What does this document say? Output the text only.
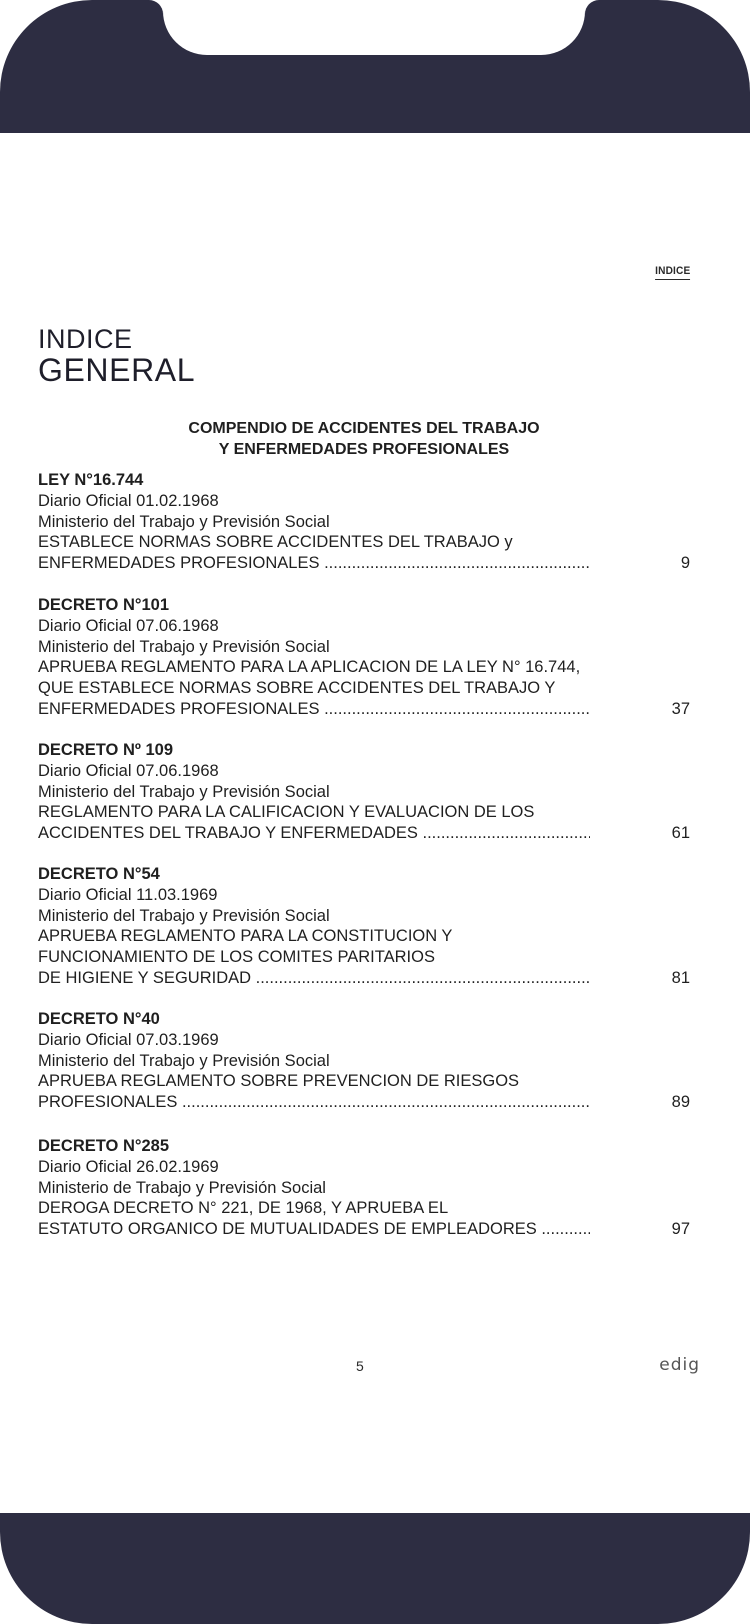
INDICE
INDICE
GENERAL
COMPENDIO DE ACCIDENTES DEL TRABAJO
Y ENFERMEDADES PROFESIONALES
LEY N°16.744
Diario Oficial 01.02.1968
Ministerio del Trabajo y Previsión Social
ESTABLECE NORMAS SOBRE ACCIDENTES DEL TRABAJO y
ENFERMEDADES PROFESIONALES .....	9
DECRETO N°101
Diario Oficial 07.06.1968
Ministerio del Trabajo y Previsión Social
APRUEBA REGLAMENTO PARA LA APLICACION DE LA LEY N° 16.744,
QUE ESTABLECE NORMAS SOBRE ACCIDENTES DEL TRABAJO Y
ENFERMEDADES PROFESIONALES .....	37
DECRETO Nº 109
Diario Oficial 07.06.1968
Ministerio del Trabajo y Previsión Social
REGLAMENTO PARA LA CALIFICACION Y EVALUACION DE LOS
ACCIDENTES DEL TRABAJO Y ENFERMEDADES .....	61
DECRETO N°54
Diario Oficial 11.03.1969
Ministerio del Trabajo y Previsión Social
APRUEBA REGLAMENTO PARA LA CONSTITUCION Y
FUNCIONAMIENTO DE LOS COMITES PARITARIOS
DE HIGIENE Y SEGURIDAD .....	81
DECRETO N°40
Diario Oficial 07.03.1969
Ministerio del Trabajo y Previsión Social
APRUEBA REGLAMENTO SOBRE PREVENCION DE RIESGOS
PROFESIONALES .....	89
DECRETO N°285
Diario Oficial 26.02.1969
Ministerio de Trabajo y Previsión Social
DEROGA DECRETO N° 221, DE 1968, Y APRUEBA EL
ESTATUTO ORGANICO DE MUTUALIDADES DE EMPLEADORES .....	97
5	edig
